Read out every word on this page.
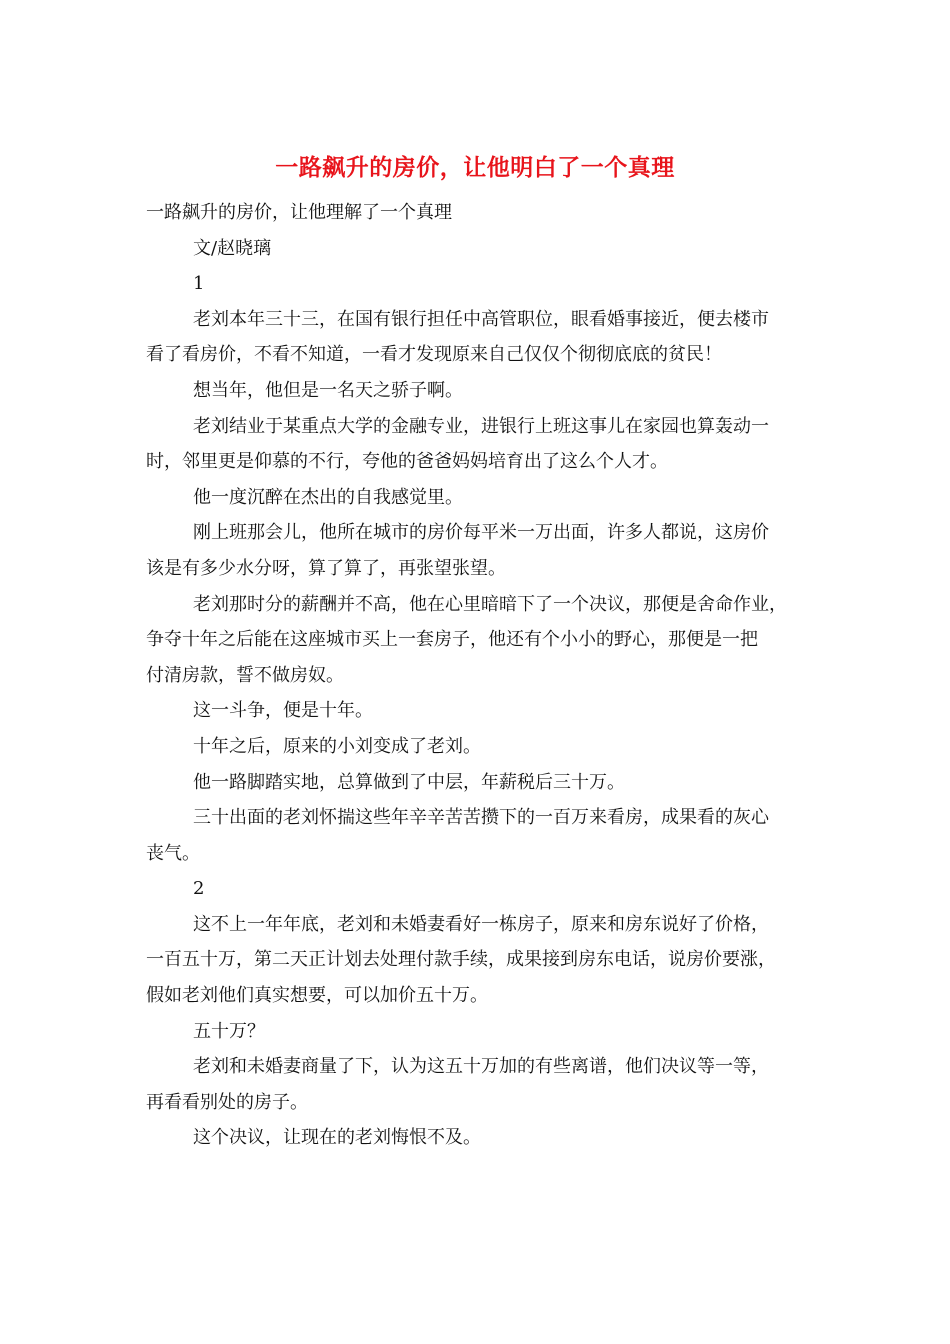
一路飙升的房价，让他明白了一个真理
一路飙升的房价，让他理解了一个真理
文/赵晓璃
1
老刘本年三十三，在国有银行担任中高管职位，眼看婚事接近，便去楼市
看了看房价，不看不知道，一看才发现原来自己仅仅个彻彻底底的贫民！
想当年，他但是一名天之骄子啊。
老刘结业于某重点大学的金融专业，进银行上班这事儿在家园也算轰动一
时，邻里更是仰慕的不行，夸他的爸爸妈妈培育出了这么个人才。
他一度沉醉在杰出的自我感觉里。
刚上班那会儿，他所在城市的房价每平米一万出面，许多人都说，这房价
该是有多少水分呀，算了算了，再张望张望。
老刘那时分的薪酬并不高，他在心里暗暗下了一个决议，那便是舍命作业，
争夺十年之后能在这座城市买上一套房子，他还有个小小的野心，那便是一把
付清房款，誓不做房奴。
这一斗争，便是十年。
十年之后，原来的小刘变成了老刘。
他一路脚踏实地，总算做到了中层，年薪税后三十万。
三十出面的老刘怀揣这些年辛辛苦苦攒下的一百万来看房，成果看的灰心
丧气。
2
这不上一年年底，老刘和未婚妻看好一栋房子，原来和房东说好了价格，
一百五十万，第二天正计划去处理付款手续，成果接到房东电话，说房价要涨，
假如老刘他们真实想要，可以加价五十万。
五十万？
老刘和未婚妻商量了下，认为这五十万加的有些离谱，他们决议等一等，
再看看别处的房子。
这个决议，让现在的老刘悔恨不及。
